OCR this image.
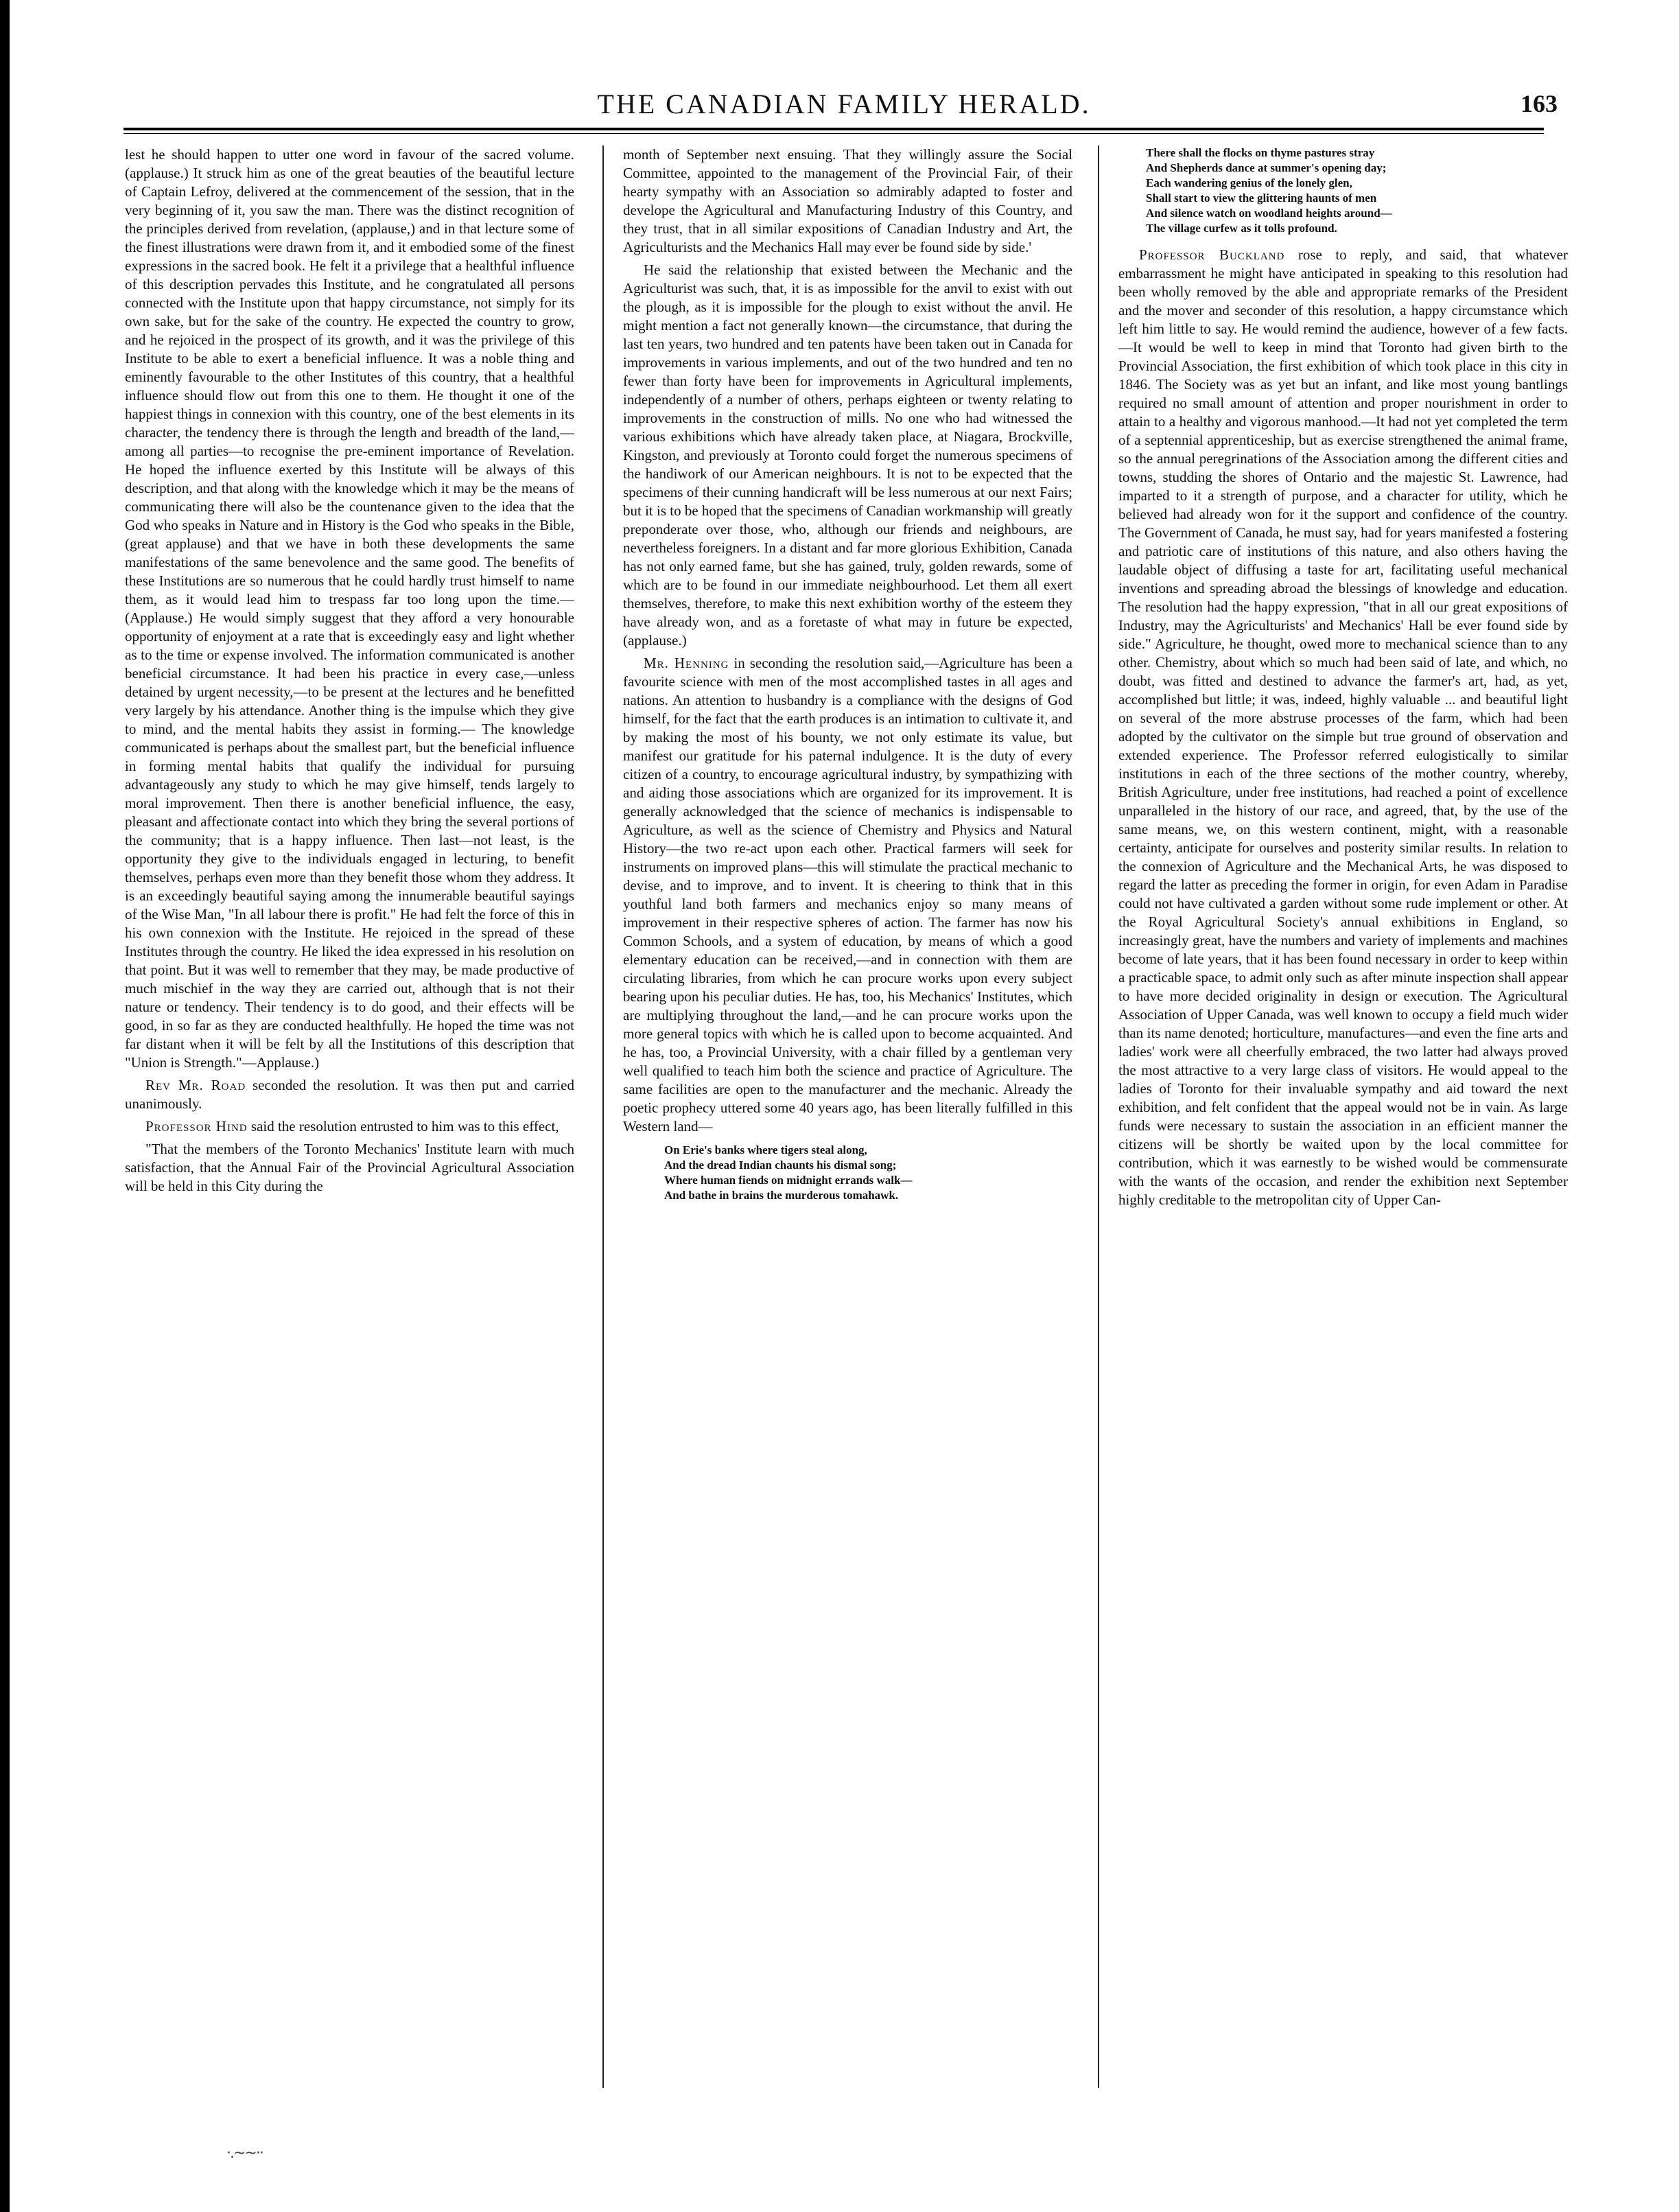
THE CANADIAN FAMILY HERALD.	163

lest he should happen to utter one word in favour of the sacred volume. (applause.) It struck him as one of the great beauties of the beautiful lecture of Captain Lefroy, delivered at the commencement of the session, that in the very beginning of it, you saw the man. There was the distinct recognition of the principles derived from revelation, (applause,) and in that lecture some of the finest illustrations were drawn from it, and it embodied some of the finest expressions in the sacred book. He felt it a privilege that a healthful influence of this description pervades this Institute, and he congratulated all persons connected with the Institute upon that happy circumstance, not simply for its own sake, but for the sake of the country. He expected the country to grow, and he rejoiced in the prospect of its growth, and it was the privilege of this Institute to be able to exert a beneficial influence. It was a noble thing and eminently favourable to the other Institutes of this country, that a healthful influence should flow out from this one to them. He thought it one of the happiest things in connexion with this country, one of the best elements in its character, the tendency there is through the length and breadth of the land,—among all parties—to recognise the pre-eminent importance of Revelation. He hoped the influence exerted by this Institute will be always of this description, and that along with the knowledge which it may be the means of communicating there will also be the countenance given to the idea that the God who speaks in Nature and in History is the God who speaks in the Bible, (great applause) and that we have in both these developments the same manifestations of the same benevolence and the same good. The benefits of these Institutions are so numerous that he could hardly trust himself to name them, as it would lead him to trespass far too long upon the time.—(Applause.) He would simply suggest that they afford a very honourable opportunity of enjoyment at a rate that is exceedingly easy and light whether as to the time or expense involved. The information communicated is another beneficial circumstance. It had been his practice in every case,—unless detained by urgent necessity,—to be present at the lectures and he benefitted very largely by his attendance. Another thing is the impulse which they give to mind, and the mental habits they assist in forming.— The knowledge communicated is perhaps about the smallest part, but the beneficial influence in forming mental habits that qualify the individual for pursuing advantageously any study to which he may give himself, tends largely to moral improvement. Then there is another beneficial influence, the easy, pleasant and affectionate contact into which they bring the several portions of the community; that is a happy influence. Then last—not least, is the opportunity they give to the individuals engaged in lecturing, to benefit themselves, perhaps even more than they benefit those whom they address. It is an exceedingly beautiful saying among the innumerable beautiful sayings of the Wise Man, "In all labour there is profit." He had felt the force of this in his own connexion with the Institute. He rejoiced in the spread of these Institutes through the country. He liked the idea expressed in his resolution on that point. But it was well to remember that they may, be made productive of much mischief in the way they are carried out, although that is not their nature or tendency. Their tendency is to do good, and their effects will be good, in so far as they are conducted healthfully. He hoped the time was not far distant when it will be felt by all the Institutions of this description that "Union is Strength."—Applause.)

Rev Mr. Road seconded the resolution. It was then put and carried unanimously.

Professor Hind said the resolution entrusted to him was to this effect,

"That the members of the Toronto Mechanics' Institute learn with much satisfaction, that the Annual Fair of the Provincial Agricultural Association will be held in this City during the

month of September next ensuing. That they willingly assure the Social Committee, appointed to the management of the Provincial Fair, of their hearty sympathy with an Association so admirably adapted to foster and develope the Agricultural and Manufacturing Industry of this Country, and they trust, that in all similar expositions of Canadian Industry and Art, the Agriculturists and the Mechanics Hall may ever be found side by side.'

He said the relationship that existed between the Mechanic and the Agriculturist was such, that, it is as impossible for the anvil to exist with out the plough, as it is impossible for the plough to exist without the anvil. He might mention a fact not generally known—the circumstance, that during the last ten years, two hundred and ten patents have been taken out in Canada for improvements in various implements, and out of the two hundred and ten no fewer than forty have been for improvements in Agricultural implements, independently of a number of others, perhaps eighteen or twenty relating to improvements in the construction of mills. No one who had witnessed the various exhibitions which have already taken place, at Niagara, Brockville, Kingston, and previously at Toronto could forget the numerous specimens of the handiwork of our American neighbours. It is not to be expected that the specimens of their cunning handicraft will be less numerous at our next Fairs; but it is to be hoped that the specimens of Canadian workmanship will greatly preponderate over those, who, although our friends and neighbours, are nevertheless foreigners. In a distant and far more glorious Exhibition, Canada has not only earned fame, but she has gained, truly, golden rewards, some of which are to be found in our immediate neighbourhood. Let them all exert themselves, therefore, to make this next exhibition worthy of the esteem they have already won, and as a foretaste of what may in future be expected, (applause.)

Mr. Henning in seconding the resolution said,—Agriculture has been a favourite science with men of the most accomplished tastes in all ages and nations. An attention to husbandry is a compliance with the designs of God himself, for the fact that the earth produces is an intimation to cultivate it, and by making the most of his bounty, we not only estimate its value, but manifest our gratitude for his paternal indulgence. It is the duty of every citizen of a country, to encourage agricultural industry, by sympathizing with and aiding those associations which are organized for its improvement. It is generally acknowledged that the science of mechanics is indispensable to Agriculture, as well as the science of Chemistry and Physics and Natural History—the two re-act upon each other. Practical farmers will seek for instruments on improved plans—this will stimulate the practical mechanic to devise, and to improve, and to invent. It is cheering to think that in this youthful land both farmers and mechanics enjoy so many means of improvement in their respective spheres of action. The farmer has now his Common Schools, and a system of education, by means of which a good elementary education can be received,—and in connection with them are circulating libraries, from which he can procure works upon every subject bearing upon his peculiar duties. He has, too, his Mechanics' Institutes, which are multiplying throughout the land,—and he can procure works upon the more general topics with which he is called upon to become acquainted. And he has, too, a Provincial University, with a chair filled by a gentleman very well qualified to teach him both the science and practice of Agriculture. The same facilities are open to the manufacturer and the mechanic. Already the poetic prophecy uttered some 40 years ago, has been literally fulfilled in this Western land—

On Erie's banks where tigers steal along,
And the dread Indian chaunts his dismal song;
Where human fiends on midnight errands walk—
And bathe in brains the murderous tomahawk.
There shall the flocks on thyme pastures stray
And Shepherds dance at summer's opening day;
Each wandering genius of the lonely glen,
Shall start to view the glittering haunts of men
And silence watch on woodland heights around—
The village curfew as it tolls profound.

Professor Buckland rose to reply, and said, that whatever embarrassment he might have anticipated in speaking to this resolution had been wholly removed by the able and appropriate remarks of the President and the mover and seconder of this resolution, a happy circumstance which left him little to say. He would remind the audience, however of a few facts.—It would be well to keep in mind that Toronto had given birth to the Provincial Association, the first exhibition of which took place in this city in 1846. The Society was as yet but an infant, and like most young bantlings required no small amount of attention and proper nourishment in order to attain to a healthy and vigorous manhood.—It had not yet completed the term of a septennial apprenticeship, but as exercise strengthened the animal frame, so the annual peregrinations of the Association among the different cities and towns, studding the shores of Ontario and the majestic St. Lawrence, had imparted to it a strength of purpose, and a character for utility, which he believed had already won for it the support and confidence of the country. The Government of Canada, he must say, had for years manifested a fostering and patriotic care of institutions of this nature, and also others having the laudable object of diffusing a taste for art, facilitating useful mechanical inventions and spreading abroad the blessings of knowledge and education. The resolution had the happy expression, "that in all our great expositions of Industry, may the Agriculturists' and Mechanics' Hall be ever found side by side." Agriculture, he thought, owed more to mechanical science than to any other. Chemistry, about which so much had been said of late, and which, no doubt, was fitted and destined to advance the farmer's art, had, as yet, accomplished but little; it was, indeed, highly valuable ... and beautiful light on several of the more abstruse processes of the farm, which had been adopted by the cultivator on the simple but true ground of observation and extended experience. The Professor referred eulogistically to similar institutions in each of the three sections of the mother country, whereby, British Agriculture, under free institutions, had reached a point of excellence unparalleled in the history of our race, and agreed, that, by the use of the same means, we, on this western continent, might, with a reasonable certainty, anticipate for ourselves and posterity similar results. In relation to the connexion of Agriculture and the Mechanical Arts, he was disposed to regard the latter as preceding the former in origin, for even Adam in Paradise could not have cultivated a garden without some rude implement or other. At the Royal Agricultural Society's annual exhibitions in England, so increasingly great, have the numbers and variety of implements and machines become of late years, that it has been found necessary in order to keep within a practicable space, to admit only such as after minute inspection shall appear to have more decided originality in design or execution. The Agricultural Association of Upper Canada, was well known to occupy a field much wider than its name denoted; horticulture, manufactures—and even the fine arts and ladies' work were all cheerfully embraced, the two latter had always proved the most attractive to a very large class of visitors. He would appeal to the ladies of Toronto for their invaluable sympathy and aid toward the next exhibition, and felt confident that the appeal would not be in vain. As large funds were necessary to sustain the association in an efficient manner the citizens will be shortly be waited upon by the local committee for contribution, which it was earnestly to be wished would be commensurate with the wants of the occasion, and render the exhibition next September highly creditable to the metropolitan city of Upper Can-

·.~~··
